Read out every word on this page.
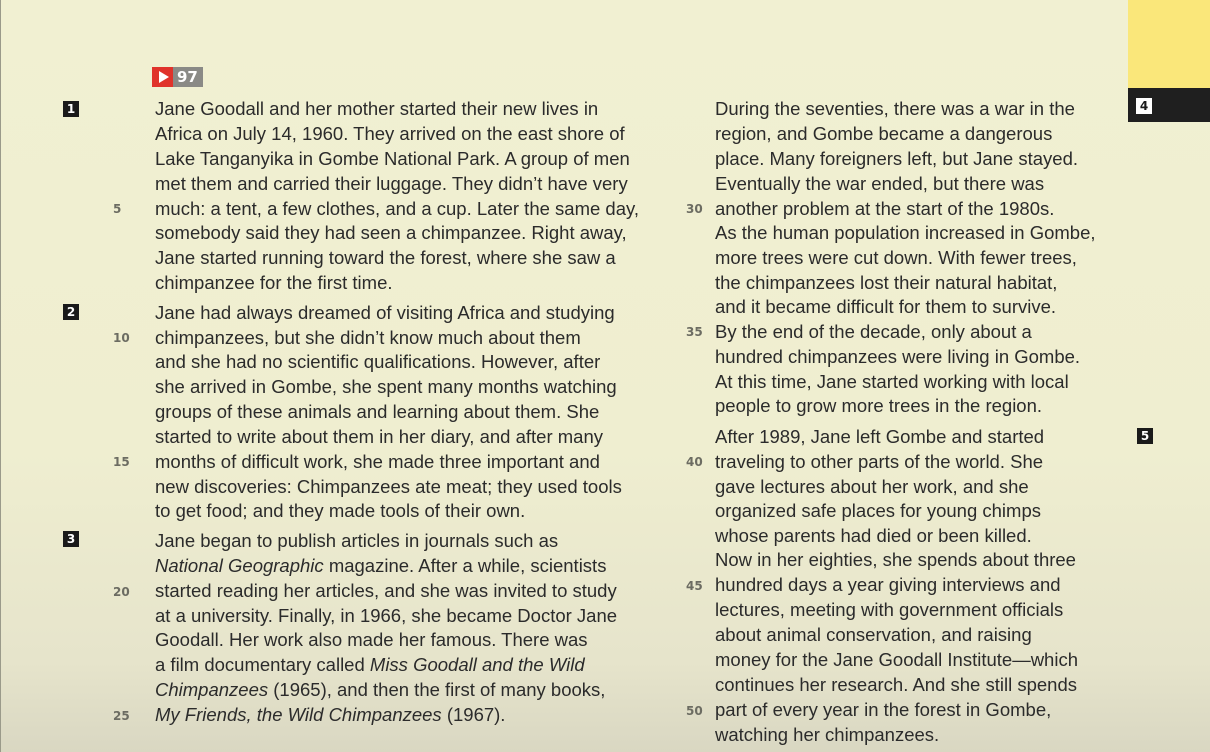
97
1
2
3
4
5
5
10
15
20
25
30
35
40
45
50
Jane Goodall and her mother started their new lives in
Africa on July 14, 1960. They arrived on the east shore of
Lake Tanganyika in Gombe National Park. A group of men
met them and carried their luggage. They didn’t have very
much: a tent, a few clothes, and a cup. Later the same day,
somebody said they had seen a chimpanzee. Right away,
Jane started running toward the forest, where she saw a
chimpanzee for the first time.
Jane had always dreamed of visiting Africa and studying
chimpanzees, but she didn’t know much about them
and she had no scientific qualifications. However, after
she arrived in Gombe, she spent many months watching
groups of these animals and learning about them. She
started to write about them in her diary, and after many
months of difficult work, she made three important and
new discoveries: Chimpanzees ate meat; they used tools
to get food; and they made tools of their own.
Jane began to publish articles in journals such as
National Geographic magazine. After a while, scientists
started reading her articles, and she was invited to study
at a university. Finally, in 1966, she became Doctor Jane
Goodall. Her work also made her famous. There was
a film documentary called Miss Goodall and the Wild
Chimpanzees (1965), and then the first of many books,
My Friends, the Wild Chimpanzees (1967).
During the seventies, there was a war in the
region, and Gombe became a dangerous
place. Many foreigners left, but Jane stayed.
Eventually the war ended, but there was
another problem at the start of the 1980s.
As the human population increased in Gombe,
more trees were cut down. With fewer trees,
the chimpanzees lost their natural habitat,
and it became difficult for them to survive.
By the end of the decade, only about a
hundred chimpanzees were living in Gombe.
At this time, Jane started working with local
people to grow more trees in the region.
After 1989, Jane left Gombe and started
traveling to other parts of the world. She
gave lectures about her work, and she
organized safe places for young chimps
whose parents had died or been killed.
Now in her eighties, she spends about three
hundred days a year giving interviews and
lectures, meeting with government officials
about animal conservation, and raising
money for the Jane Goodall Institute—which
continues her research. And she still spends
part of every year in the forest in Gombe,
watching her chimpanzees.
